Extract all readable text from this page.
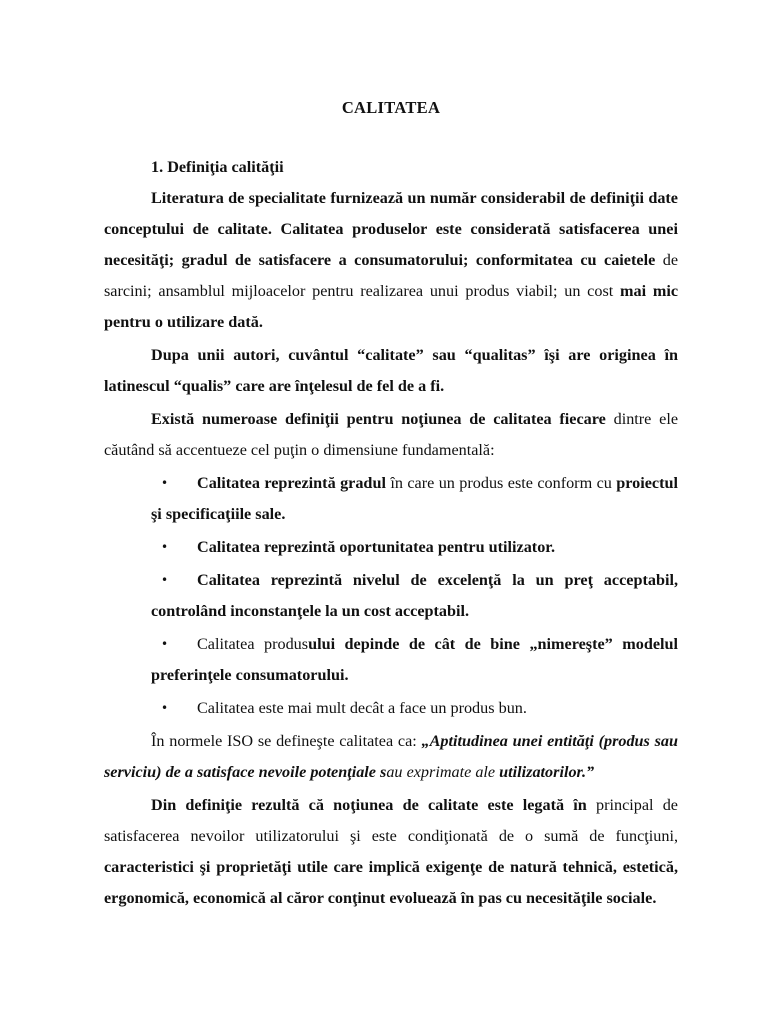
CALITATEA
1. Definiţia calităţii

Literatura de specialitate furnizează un număr considerabil de definiţii date conceptului de calitate. Calitatea produselor este considerată satisfacerea unei necesităţi; gradul de satisfacere a consumatorului; conformitatea cu caietele de sarcini; ansamblul mijloacelor pentru realizarea unui produs viabil; un cost mai mic pentru o utilizare dată.

Dupa unii autori, cuvântul “calitate” sau “qualitas” îşi are originea în latinescul “qualis” care are înţelesul de fel de a fi.

Există numeroase definiţii pentru noţiunea de calitatea fiecare dintre ele căutând să accentueze cel puţin o dimensiune fundamentală:

• Calitatea reprezintă gradul în care un produs este conform cu proiectul şi specificaţiile sale.
• Calitatea reprezintă oportunitatea pentru utilizator.
• Calitatea reprezintă nivelul de excelenţă la un preţ acceptabil, controlând inconstanţele la un cost acceptabil.
• Calitatea produsului depinde de cât de bine „nimereşte” modelul preferinţele consumatorului.
• Calitatea este mai mult decât a face un produs bun.

În normele ISO se defineşte calitatea ca: „Aptitudinea unei entităţi (produs sau serviciu) de a satisface nevoile potenţiale sau exprimate ale utilizatorilor.”

Din definiţie rezultă că noţiunea de calitate este legată în principal de satisfacerea nevoilor utilizatorului şi este condiţionată de o sumă de funcţiuni, caracteristici şi proprietăţi utile care implică exigenţe de natură tehnică, estetică, ergonomică, economică al căror conţinut evoluează în pas cu necesităţile sociale.
